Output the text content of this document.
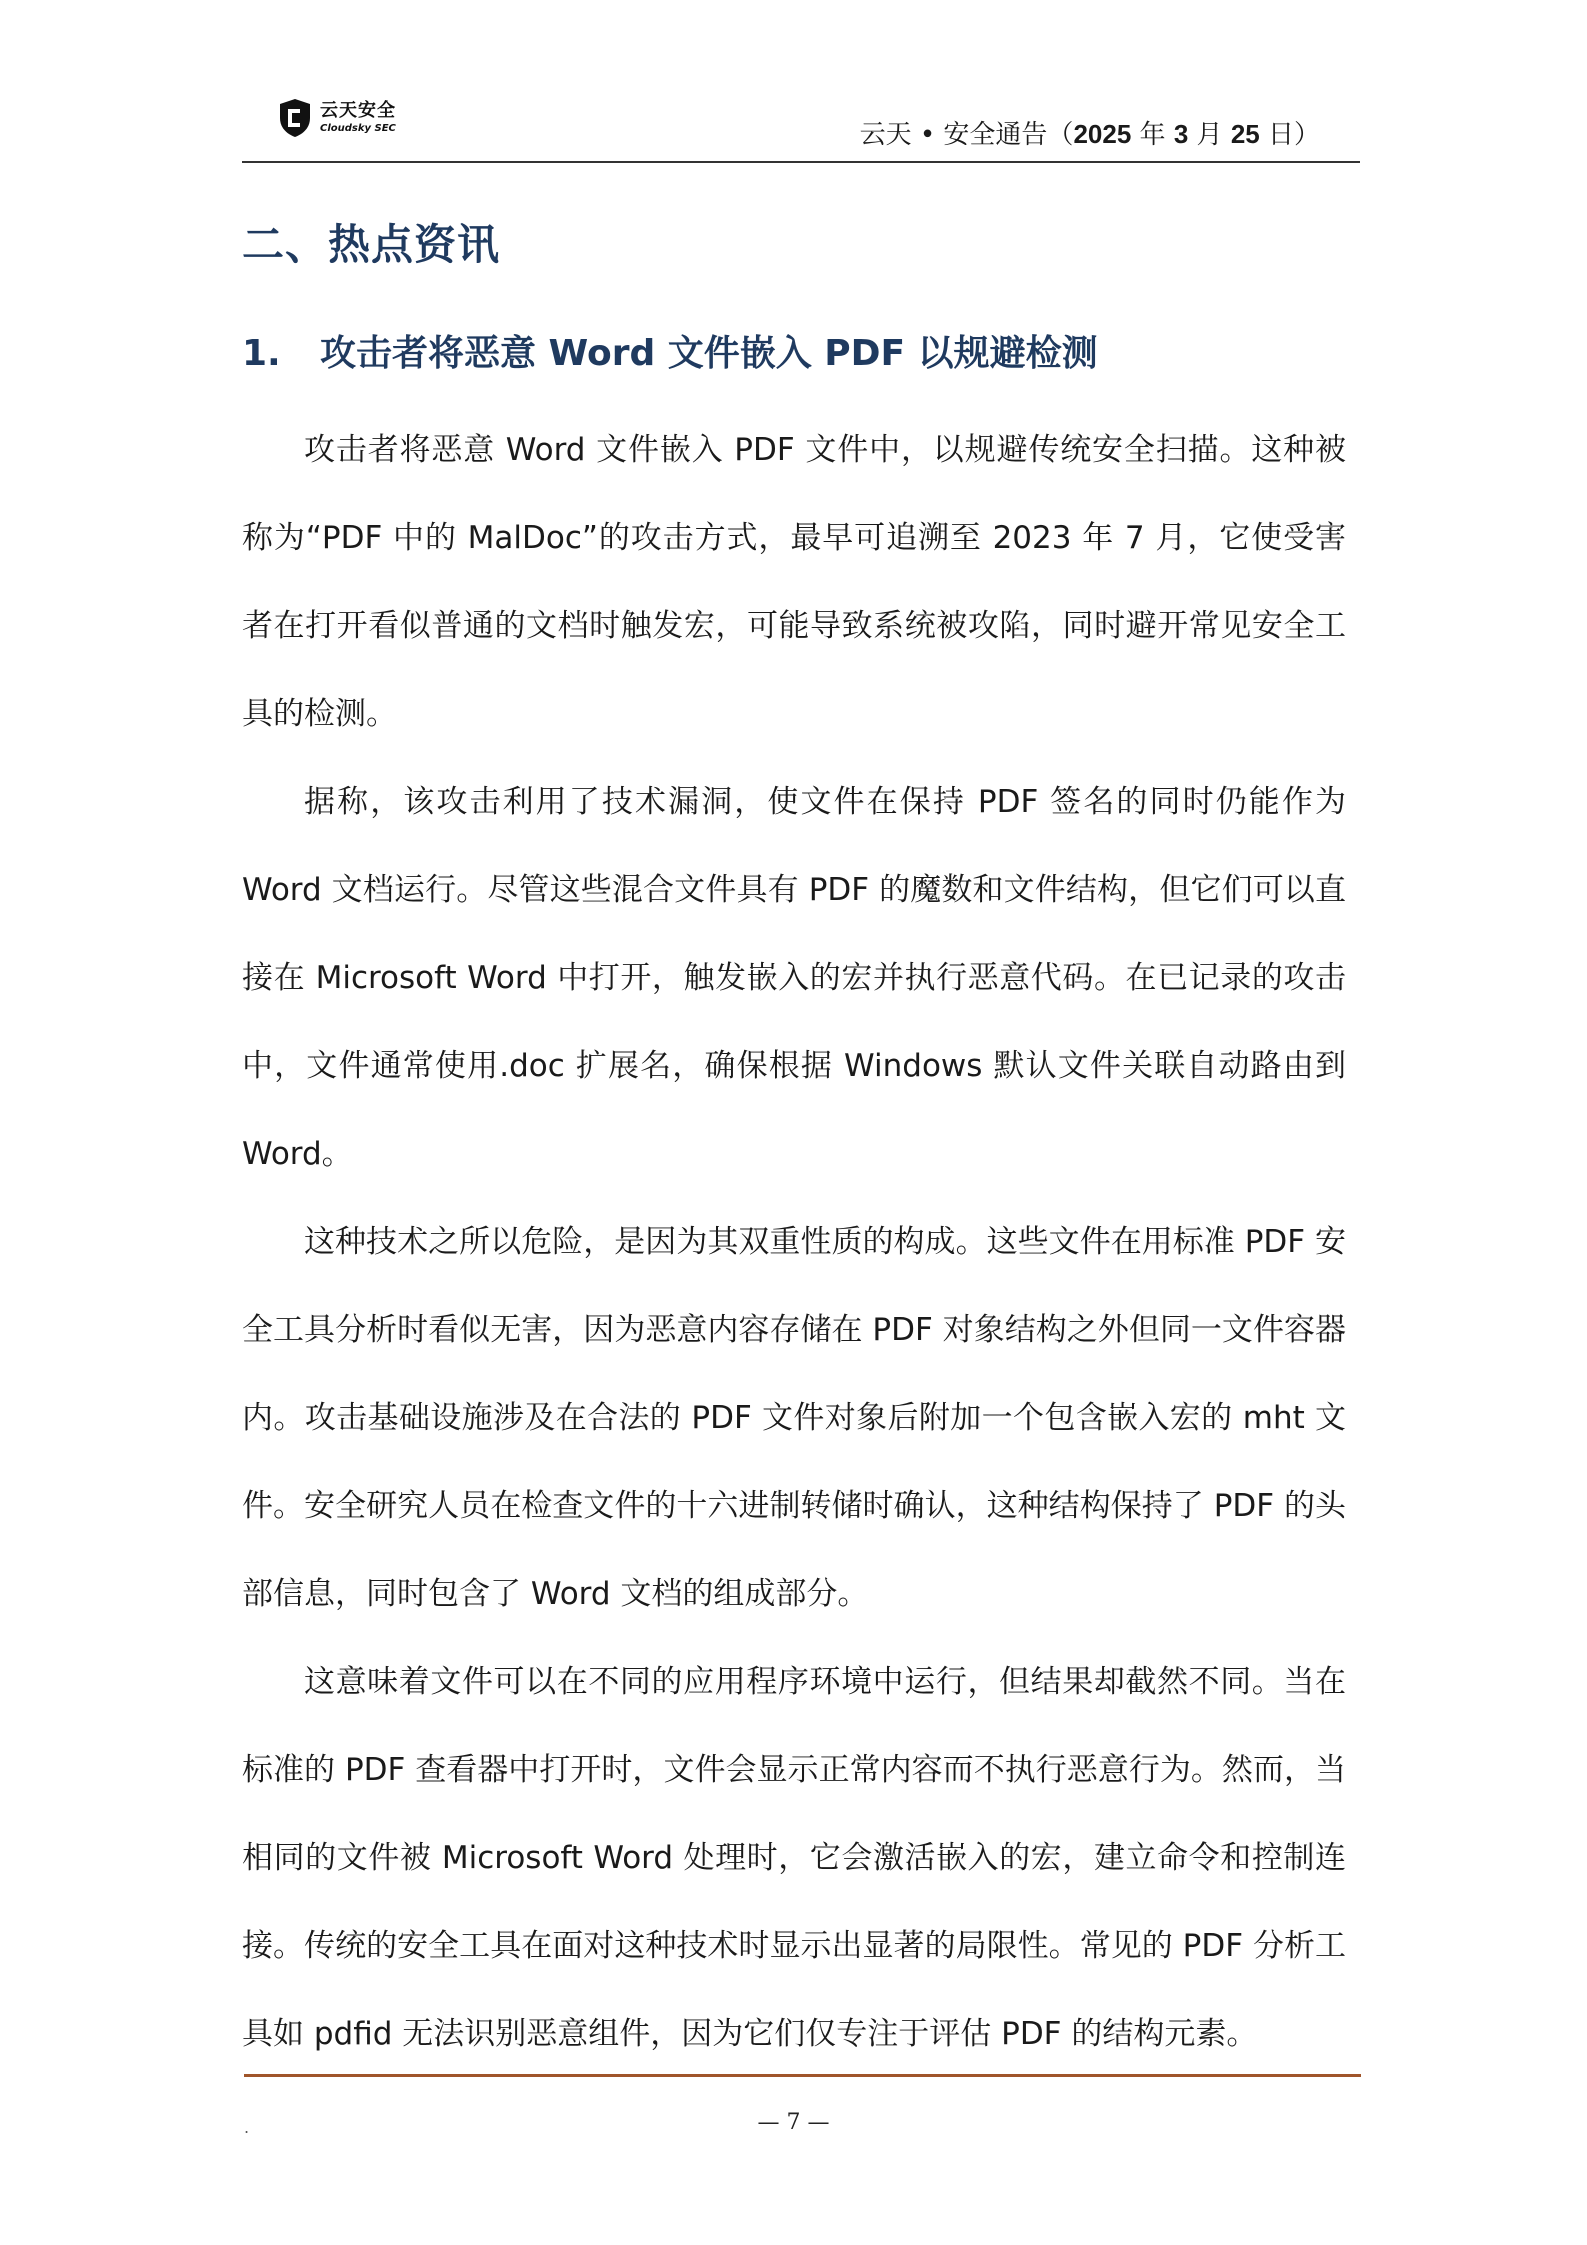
云天安全
Cloudsky SEC	云天 • 安全通告（2025 年 3 月 25 日）
二、热点资讯
1. 攻击者将恶意 Word 文件嵌入 PDF 以规避检测

攻击者将恶意 Word 文件嵌入 PDF 文件中，以规避传统安全扫描。这种被称为“PDF 中的 MalDoc”的攻击方式，最早可追溯至 2023 年 7 月，它使受害者在打开看似普通的文档时触发宏，可能导致系统被攻陷，同时避开常见安全工具的检测。

据称，该攻击利用了技术漏洞，使文件在保持 PDF 签名的同时仍能作为 Word 文档运行。尽管这些混合文件具有 PDF 的魔数和文件结构，但它们可以直接在 Microsoft Word 中打开，触发嵌入的宏并执行恶意代码。在已记录的攻击中，文件通常使用.doc 扩展名，确保根据 Windows 默认文件关联自动路由到 Word。

这种技术之所以危险，是因为其双重性质的构成。这些文件在用标准 PDF 安全工具分析时看似无害，因为恶意内容存储在 PDF 对象结构之外但同一文件容器内。攻击基础设施涉及在合法的 PDF 文件对象后附加一个包含嵌入宏的 mht 文件。安全研究人员在检查文件的十六进制转储时确认，这种结构保持了 PDF 的头部信息，同时包含了 Word 文档的组成部分。

这意味着文件可以在不同的应用程序环境中运行，但结果却截然不同。当在标准的 PDF 查看器中打开时，文件会显示正常内容而不执行恶意行为。然而，当相同的文件被 Microsoft Word 处理时，它会激活嵌入的宏，建立命令和控制连接。传统的安全工具在面对这种技术时显示出显著的局限性。常见的 PDF 分析工具如 pdfid 无法识别恶意组件，因为它们仅专注于评估 PDF 的结构元素。

.	— 7 —
